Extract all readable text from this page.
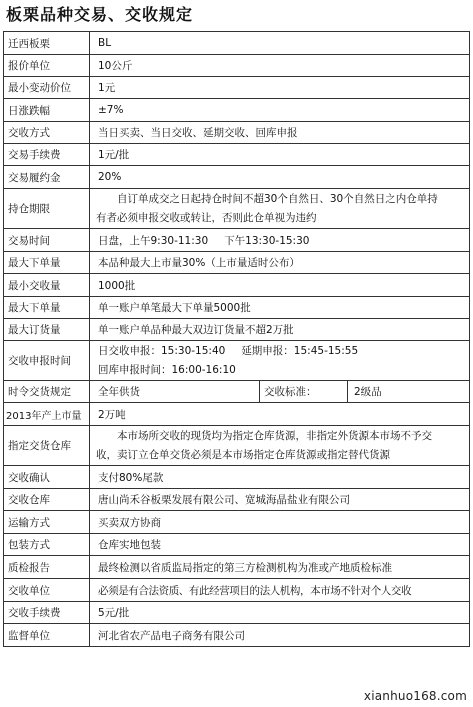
板栗品种交易、交收规定
迁西板栗	BL		
报价单位	10公斤		
最小变动价位	1元		
日涨跌幅	±7%		
交收方式	当日买卖、当日交收、延期交收、回库申报		
交易手续费	1元/批		
交易履约金	20%		
持仓期限	自订单成交之日起持仓时间不超30个自然日、30个自然日之内仓单持
有者必须申报交收或转让，否则此仓单视为违约		

交易时间	日盘，上午9:30-11:30 下午13:30-15:30		
最大下单量	本品种最大上市量30%（上市量适时公布）		
最小交收量	1000批		
最大下单量	单一账户单笔最大下单量5000批		
最大订货量	单一账户单品种最大双边订货量不超2万批		
交收申报时间	日交收申报：15:30-15:40 延期申报：15:45-15:55
回库申报时间：16:00-16:10		

时令交货规定	全年供货	交收标准：	2级品
2013年产上市量	2万吨		
指定交货仓库	本市场所交收的现货均为指定仓库货源，非指定外货源本市场不予交
收，卖订立仓单交货必须是本市场指定仓库货源或指定替代货源		

交收确认	支付80%尾款		
交收仓库	唐山尚禾谷板栗发展有限公司、宽城海晶盐业有限公司		
运输方式	买卖双方协商		
包装方式	仓库实地包装		
质检报告	最终检测以省质监局指定的第三方检测机构为准或产地质检标准		
交收单位	必须是有合法资质、有此经营项目的法人机构，本市场不针对个人交收		
交收手续费	5元/批		
监督单位	河北省农产品电子商务有限公司		
xianhuo168.com
